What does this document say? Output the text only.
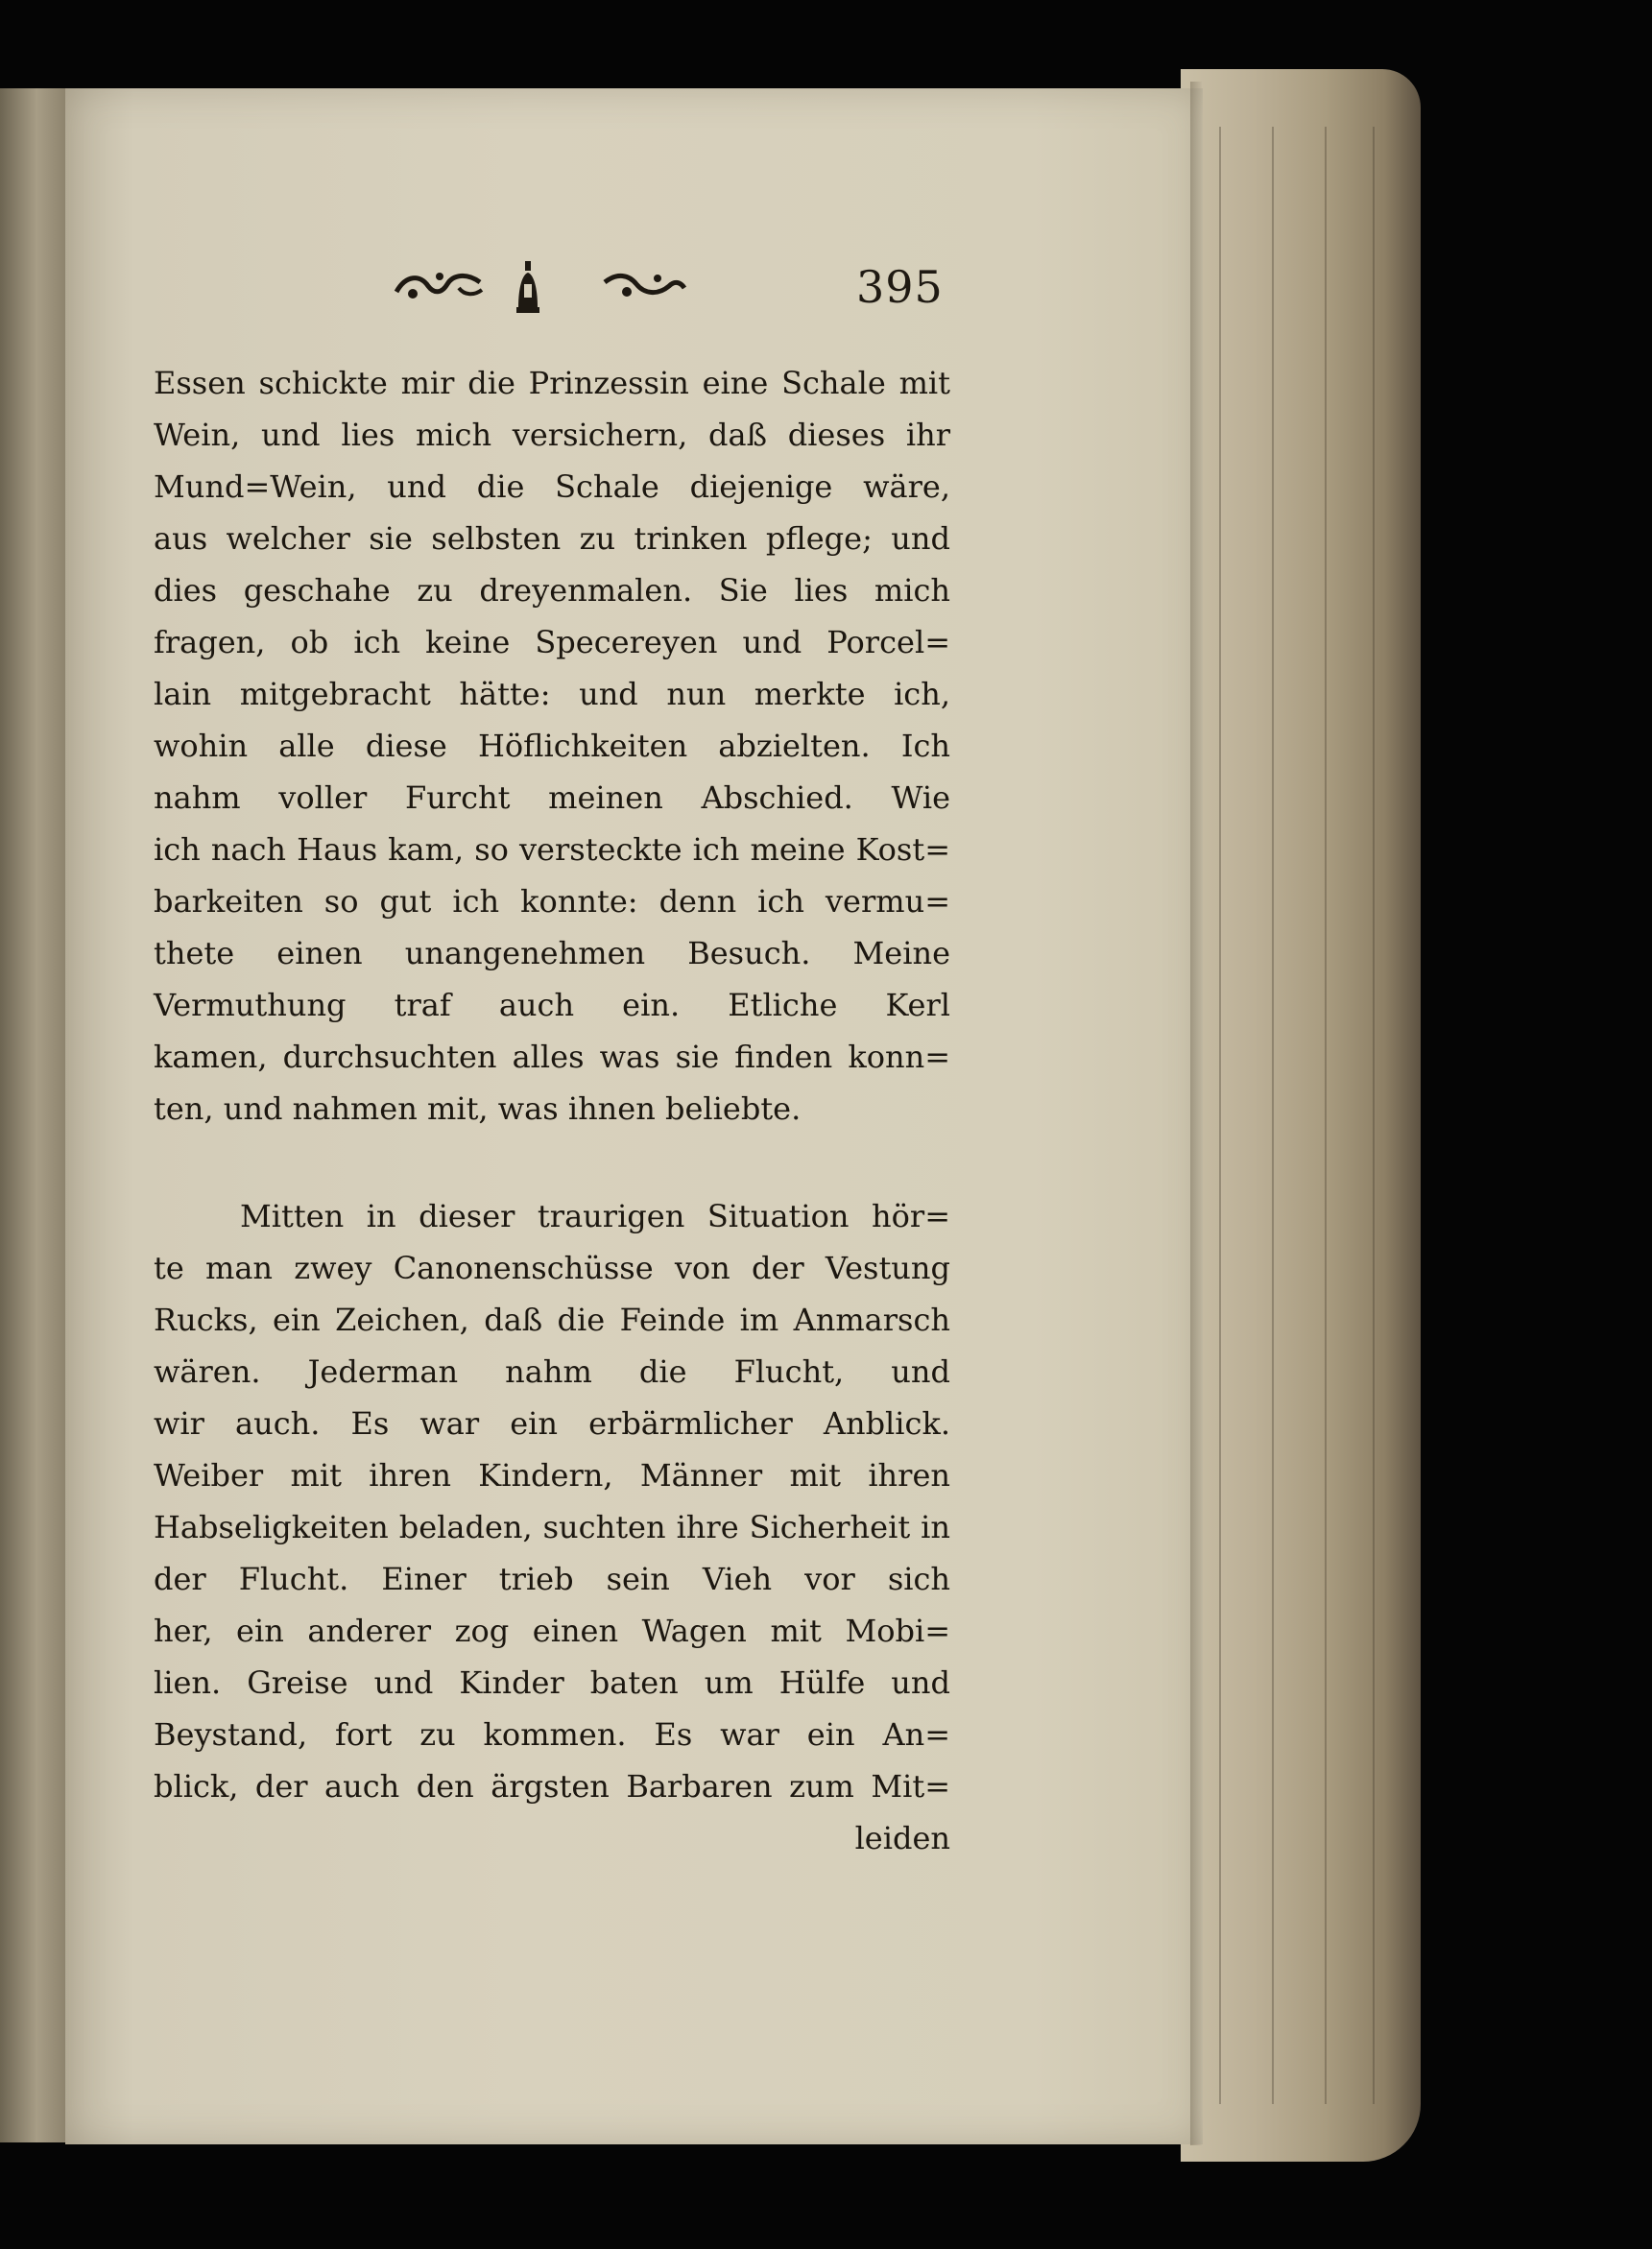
395
Essen schickte mir die Prinzessin eine Schale mit
Wein, und lies mich versichern, daß dieses ihr
Mund=Wein, und die Schale diejenige wäre,
aus welcher sie selbsten zu trinken pflege; und
dies geschahe zu dreyenmalen. Sie lies mich
fragen, ob ich keine Specereyen und Porcel=
lain mitgebracht hätte: und nun merkte ich,
wohin alle diese Höflichkeiten abzielten. Ich
nahm voller Furcht meinen Abschied. Wie
ich nach Haus kam, so versteckte ich meine Kost=
barkeiten so gut ich konnte: denn ich vermu=
thete einen unangenehmen Besuch. Meine
Vermuthung traf auch ein. Etliche Kerl
kamen, durchsuchten alles was sie finden konn=
ten, und nahmen mit, was ihnen beliebte.
Mitten in dieser traurigen Situation hör=
te man zwey Canonenschüsse von der Vestung
Rucks, ein Zeichen, daß die Feinde im Anmarsch
wären. Jederman nahm die Flucht, und
wir auch. Es war ein erbärmlicher Anblick.
Weiber mit ihren Kindern, Männer mit ihren
Habseligkeiten beladen, suchten ihre Sicherheit in
der Flucht. Einer trieb sein Vieh vor sich
her, ein anderer zog einen Wagen mit Mobi=
lien. Greise und Kinder baten um Hülfe und
Beystand, fort zu kommen. Es war ein An=
blick, der auch den ärgsten Barbaren zum Mit=
leiden
